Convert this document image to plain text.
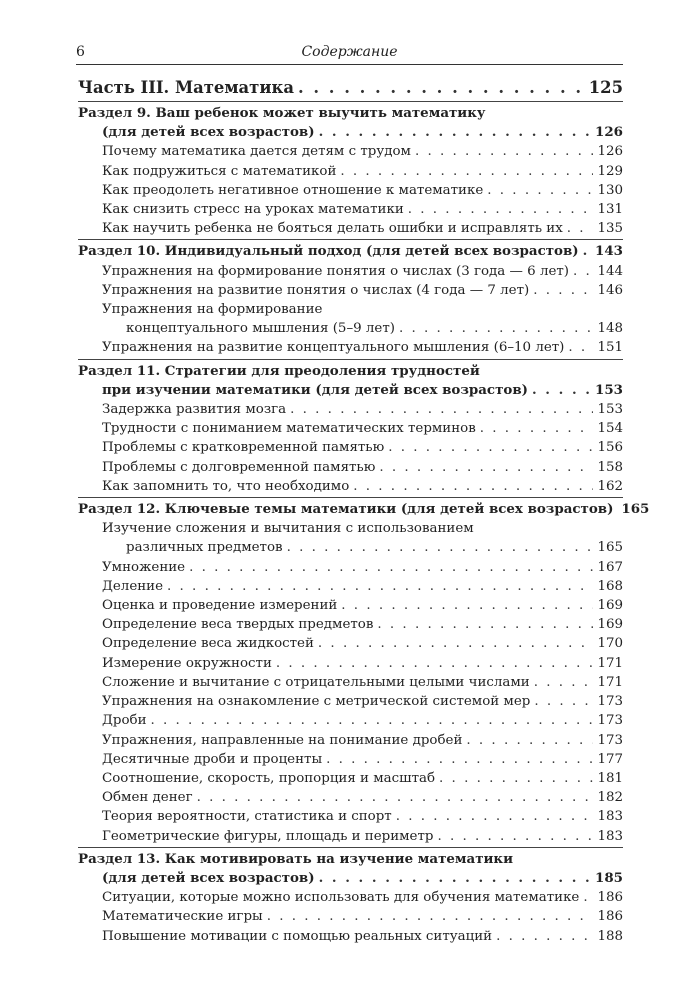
6	Содержание
Часть III. Математика . . .	125
Раздел 9. Ваш ребенок может выучить математику
(для детей всех возрастов) . . .	126
Почему математика дается детям с трудом . . .	126
Как подружиться с математикой . . .	129
Как преодолеть негативное отношение к математике . . .	130
Как снизить стресс на уроках математики . . .	131
Как научить ребенка не бояться делать ошибки и исправлять их . . .	135
Раздел 10. Индивидуальный подход (для детей всех возрастов) . . . 143
Упражнения на формирование понятия о числах (3 года — 6 лет) . . . 144
Упражнения на развитие понятия о числах (4 года — 7 лет) . . .	146
Упражнения на формирование
концептуального мышления (5–9 лет) . . .	148
Упражнения на развитие концептуального мышления (6–10 лет) . . . 151
Раздел 11. Стратегии для преодоления трудностей
при изучении математики (для детей всех возрастов) . . .	153
Задержка развития мозга . . .	153
Трудности с пониманием математических терминов . . .	154
Проблемы с кратковременной памятью . . .	156
Проблемы с долговременной памятью . . .	158
Как запомнить то, что необходимо . . .	162
Раздел 12. Ключевые темы математики (для детей всех возрастов) 165
Изучение сложения и вычитания с использованием
различных предметов . . .	165
Умножение . . .	167
Деление . . .	168
Оценка и проведение измерений . . .	169
Определение веса твердых предметов . . .	169
Определение веса жидкостей . . .	170
Измерение окружности . . .	171
Сложение и вычитание с отрицательными целыми числами . . .	171
Упражнения на ознакомление с метрической системой мер . . .	173
Дроби . . .	173
Упражнения, направленные на понимание дробей . . .	173
Десятичные дроби и проценты . . .	177
Соотношение, скорость, пропорция и масштаб . . .	181
Обмен денег . . .	182
Теория вероятности, статистика и спорт . . .	183
Геометрические фигуры, площадь и периметр . . .	183
Раздел 13. Как мотивировать на изучение математики
(для детей всех возрастов) . . .	185
Ситуации, которые можно использовать для обучения математике . . . 186
Математические игры . . .	186
Повышение мотивации с помощью реальных ситуаций . . .	188
